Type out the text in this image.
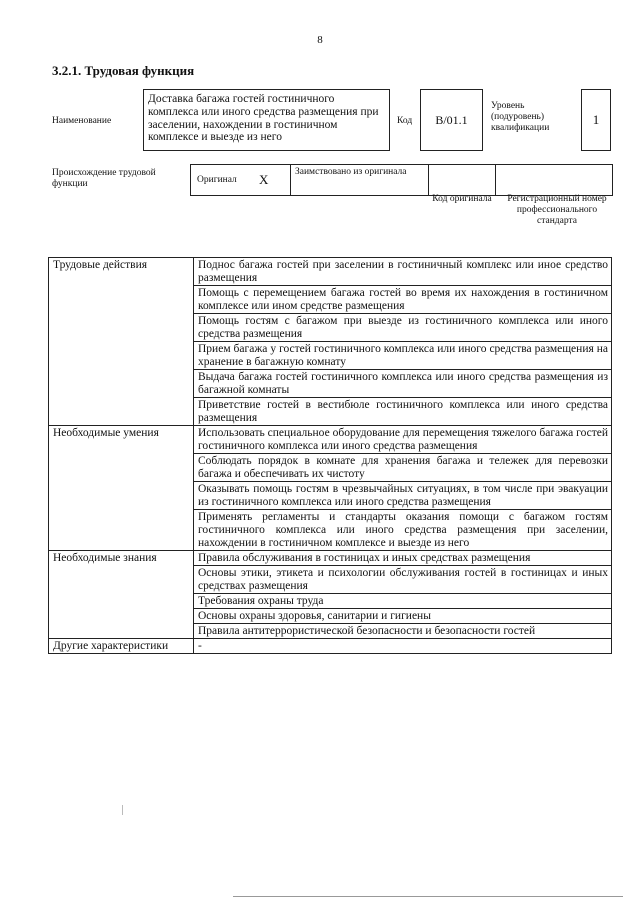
8
3.2.1. Трудовая функция
Наименование
Доставка багажа гостей гостиничного комплекса или иного средства размещения при заселении, нахождении в гостиничном комплексе и выезде из него
Код	B/01.1
Уровень (подуровень) квалификации
1
Происхождение трудовой функции	Оригинал X	Заимствовано из оригинала
Код оригинала	Регистрационный номер профессионального стандарта
Трудовые действия	Поднос багажа гостей при заселении в гостиничный комплекс или иное средство размещения
	Помощь с перемещением багажа гостей во время их нахождения в гостиничном комплексе или ином средстве размещения
	Помощь гостям с багажом при выезде из гостиничного комплекса или иного средства размещения
	Прием багажа у гостей гостиничного комплекса или иного средства размещения на хранение в багажную комнату
	Выдача багажа гостей гостиничного комплекса или иного средства размещения из багажной комнаты
	Приветствие гостей в вестибюле гостиничного комплекса или иного средства размещения
Необходимые умения	Использовать специальное оборудование для перемещения тяжелого багажа гостей гостиничного комплекса или иного средства размещения
	Соблюдать порядок в комнате для хранения багажа и тележек для перевозки багажа и обеспечивать их чистоту
	Оказывать помощь гостям в чрезвычайных ситуациях, в том числе при эвакуации из гостиничного комплекса или иного средства размещения
	Применять регламенты и стандарты оказания помощи с багажом гостям гостиничного комплекса или иного средства размещения при заселении, нахождении в гостиничном комплексе и выезде из него
Необходимые знания	Правила обслуживания в гостиницах и иных средствах размещения
	Основы этики, этикета и психологии обслуживания гостей в гостиницах и иных средствах размещения
	Требования охраны труда
	Основы охраны здоровья, санитарии и гигиены
	Правила антитеррористической безопасности и безопасности гостей
Другие характеристики	-
